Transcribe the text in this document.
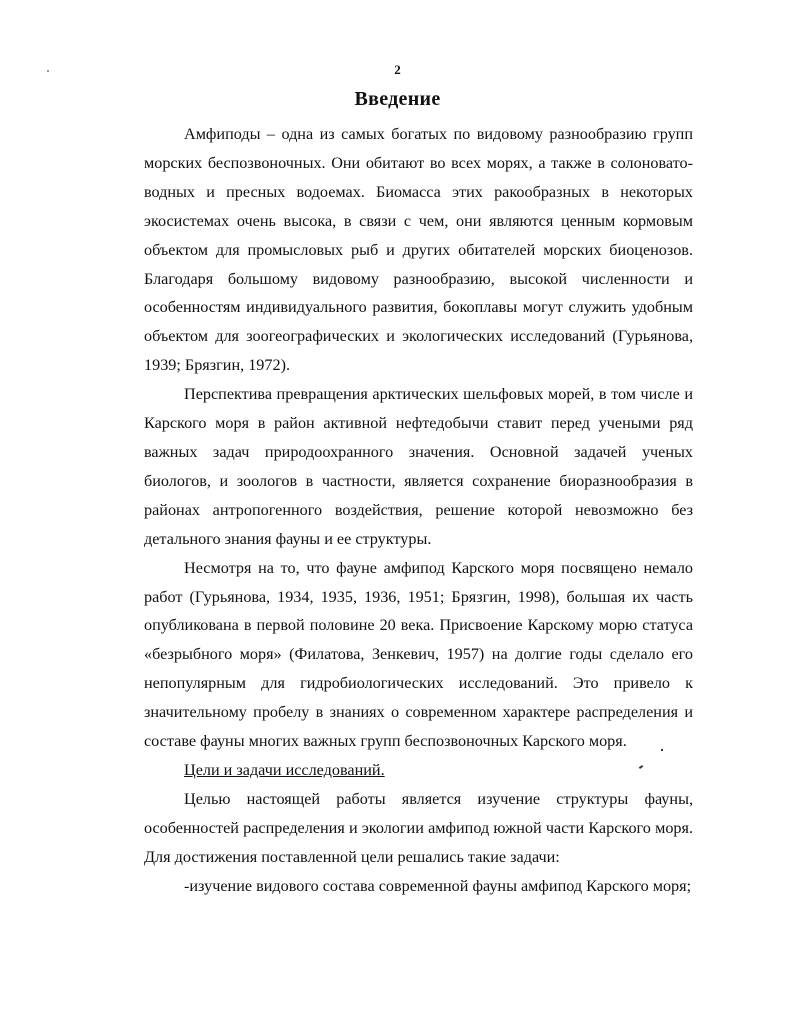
2
Введение

Амфиподы – одна из самых богатых по видовому разнообразию групп морских беспозвоночных. Они обитают во всех морях, а также в солоновато-водных и пресных водоемах. Биомасса этих ракообразных в некоторых экосистемах очень высока, в связи с чем, они являются ценным кормовым объектом для промысловых рыб и других обитателей морских биоценозов. Благодаря большому видовому разнообразию, высокой численности и особенностям индивидуального развития, бокоплавы могут служить удобным объектом для зоогеографических и экологических исследований (Гурьянова, 1939; Брязгин, 1972).

Перспектива превращения арктических шельфовых морей, в том числе и Карского моря в район активной нефтедобычи ставит перед учеными ряд важных задач природоохранного значения. Основной задачей ученых биологов, и зоологов в частности, является сохранение биоразнообразия в районах антропогенного воздействия, решение которой невозможно без детального знания фауны и ее структуры.

Несмотря на то, что фауне амфипод Карского моря посвящено немало работ (Гурьянова, 1934, 1935, 1936, 1951; Брязгин, 1998), большая их часть опубликована в первой половине 20 века. Присвоение Карскому морю статуса «безрыбного моря» (Филатова, Зенкевич, 1957) на долгие годы сделало его непопулярным для гидробиологических исследований. Это привело к значительному пробелу в знаниях о современном характере распределения и составе фауны многих важных групп беспозвоночных Карского моря.

Цели и задачи исследований.

Целью настоящей работы является изучение структуры фауны, особенностей распределения и экологии амфипод южной части Карского моря. Для достижения поставленной цели решались такие задачи:

-изучение видового состава современной фауны амфипод Карского моря;
